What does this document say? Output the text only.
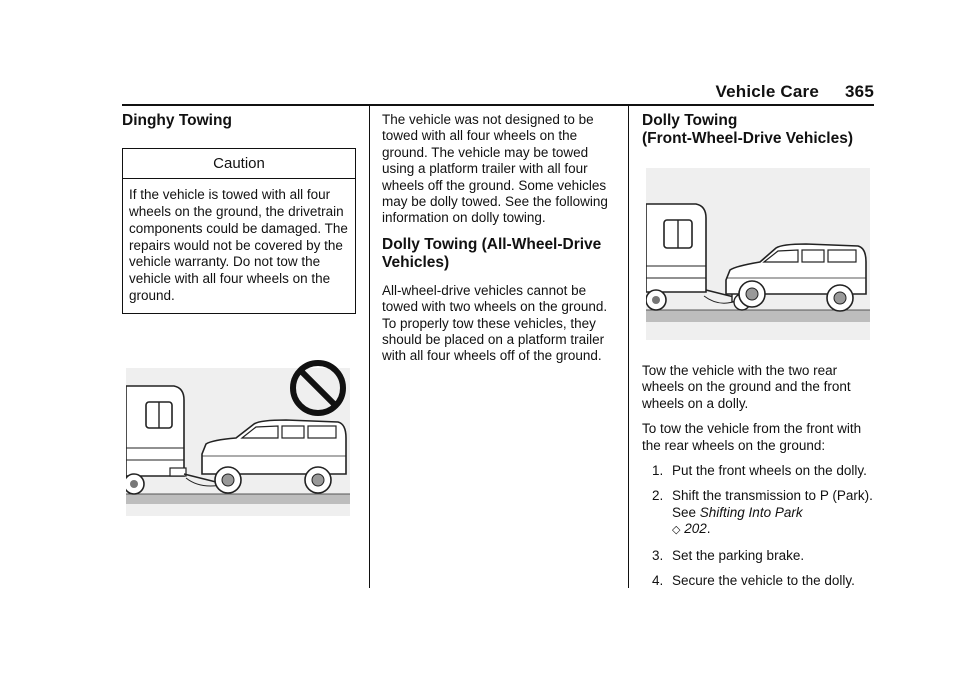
Vehicle Care 365
Dinghy Towing
Caution
If the vehicle is towed with all four wheels on the ground, the drivetrain components could be damaged. The repairs would not be covered by the vehicle warranty. Do not tow the vehicle with all four wheels on the ground.

The vehicle was not designed to be towed with all four wheels on the ground. The vehicle may be towed using a platform trailer with all four wheels off the ground. Some vehicles may be dolly towed. See the following information on dolly towing.

Dolly Towing (All-Wheel-Drive Vehicles)

All-wheel-drive vehicles cannot be towed with two wheels on the ground. To properly tow these vehicles, they should be placed on a platform trailer with all four wheels off of the ground.

Dolly Towing
(Front-Wheel-Drive Vehicles)

Tow the vehicle with the two rear wheels on the ground and the front wheels on a dolly.

To tow the vehicle from the front with the rear wheels on the ground:

1. Put the front wheels on the dolly.
2. Shift the transmission to P (Park). See Shifting Into Park
◇ 202.
3. Set the parking brake.
4. Secure the vehicle to the dolly.
